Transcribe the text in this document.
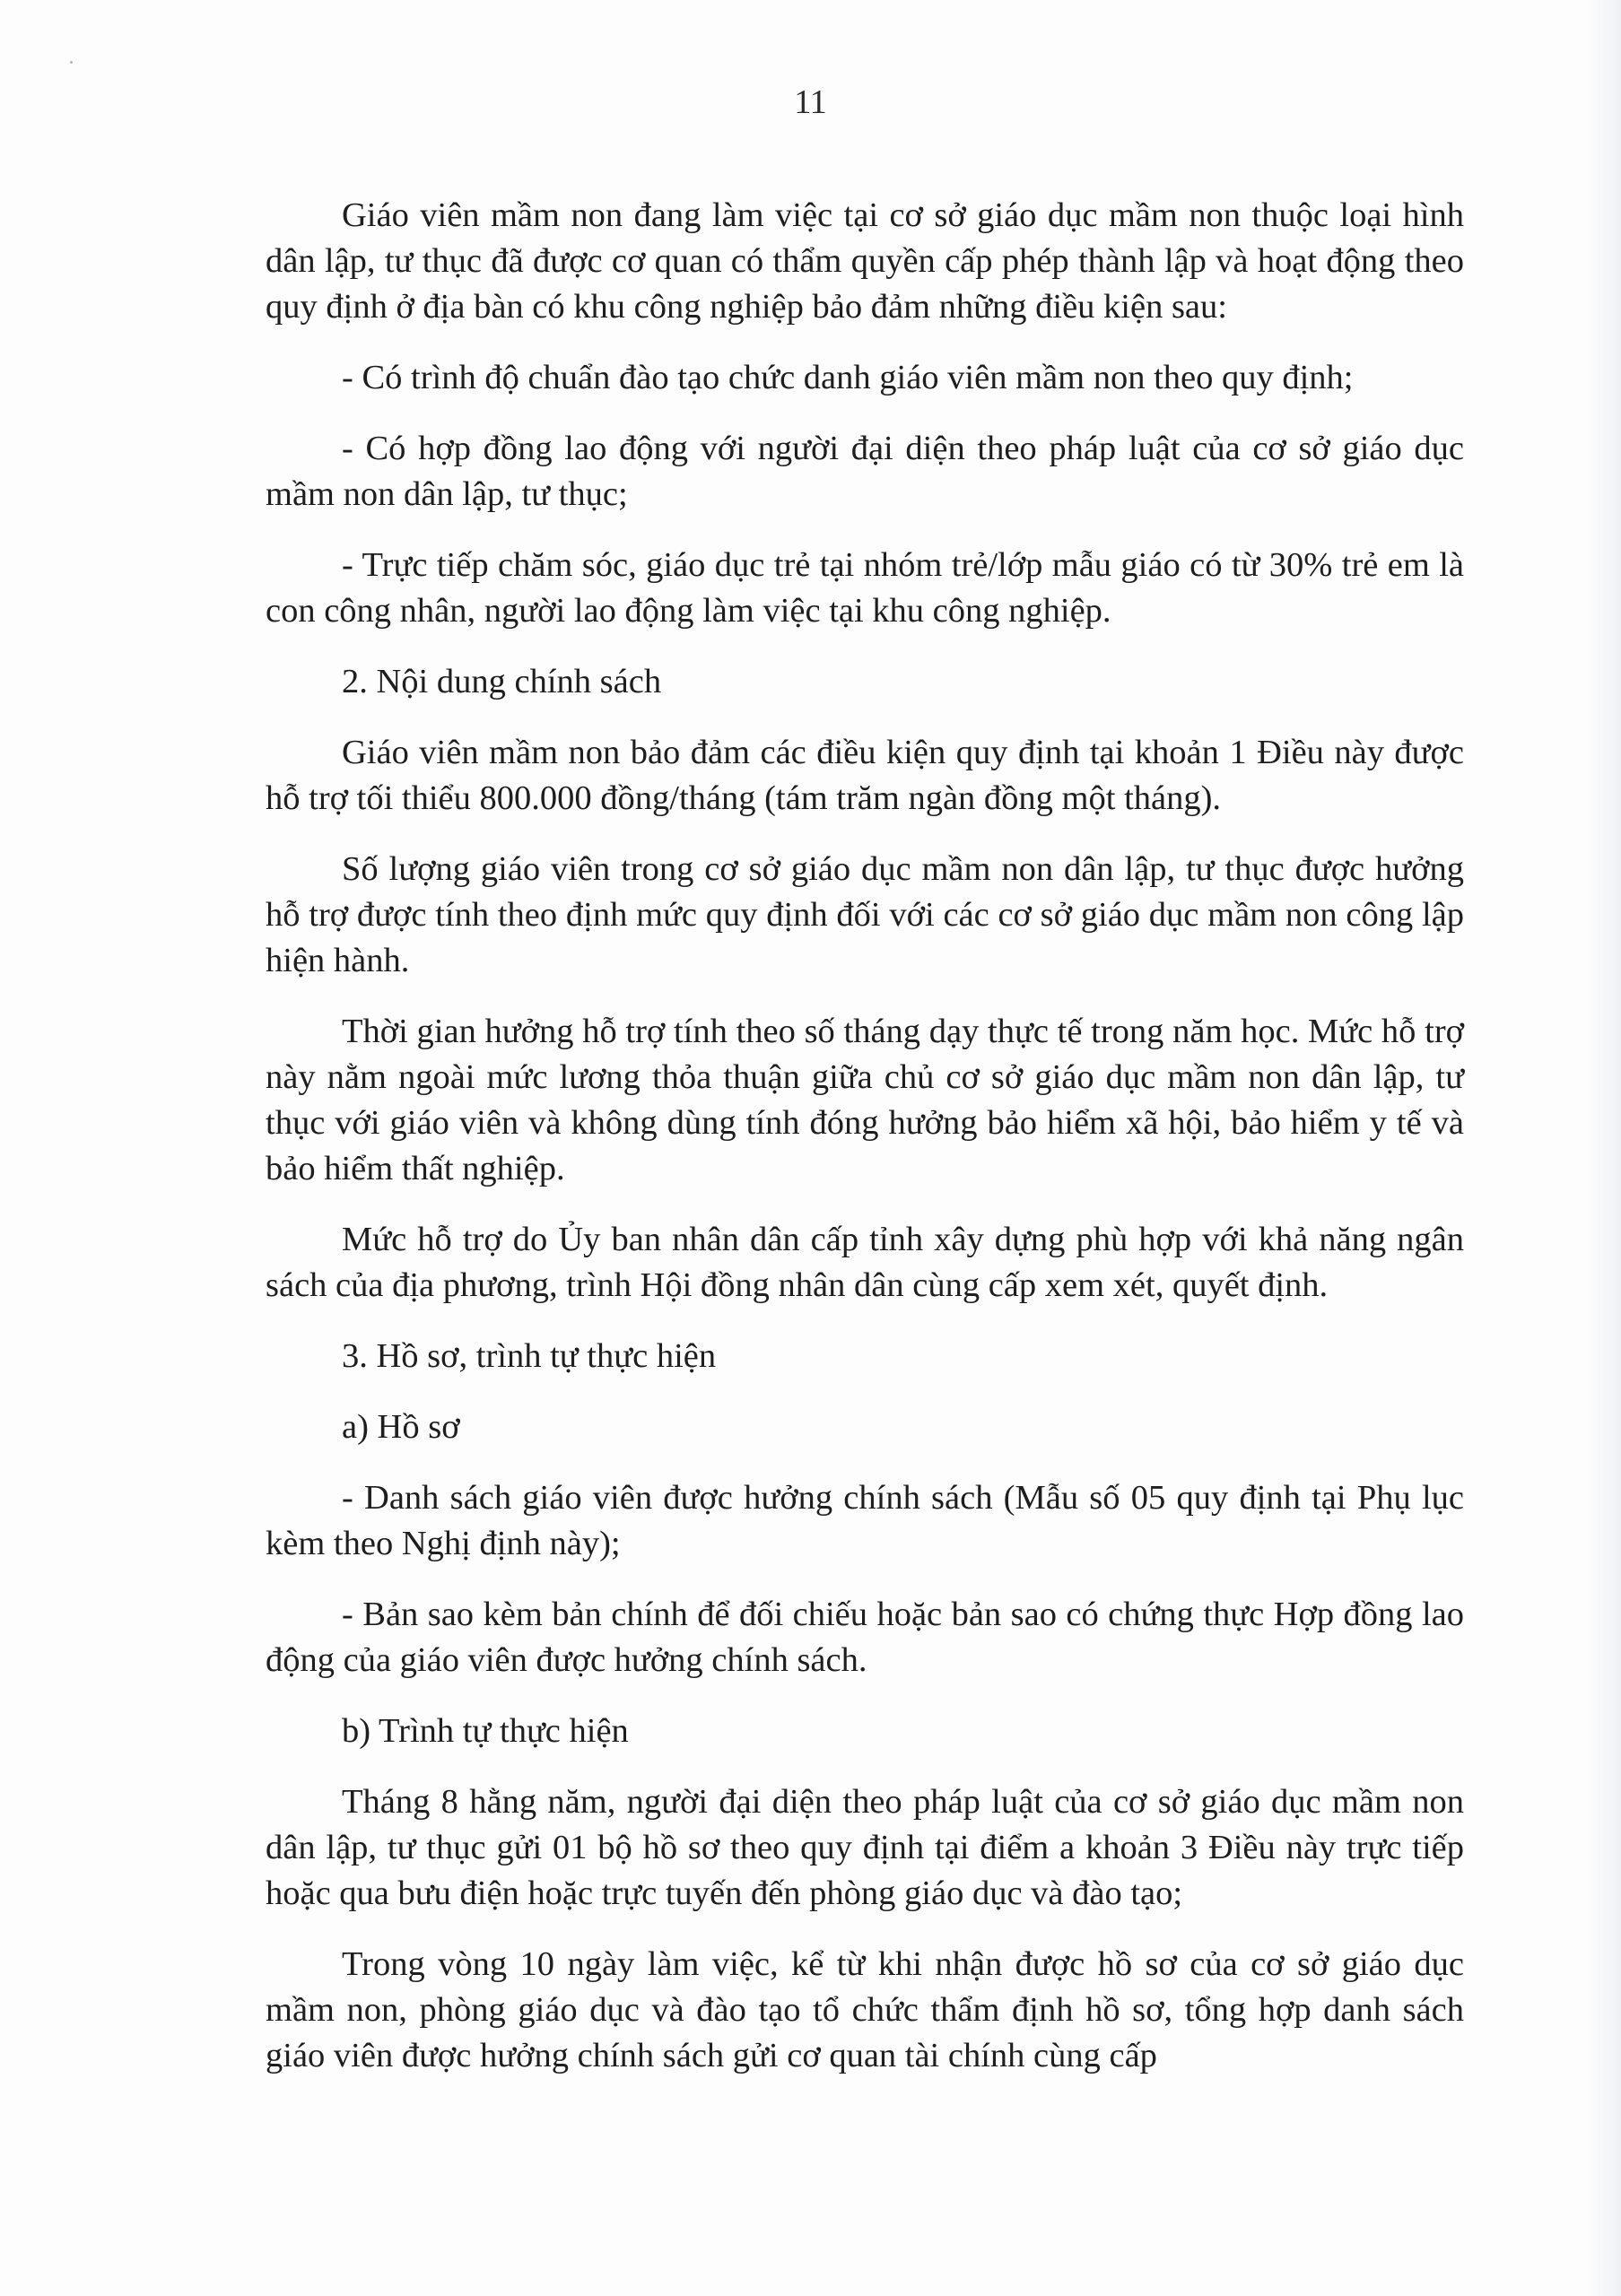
11

Giáo viên mầm non đang làm việc tại cơ sở giáo dục mầm non thuộc loại hình dân lập, tư thục đã được cơ quan có thẩm quyền cấp phép thành lập và hoạt động theo quy định ở địa bàn có khu công nghiệp bảo đảm những điều kiện sau:

- Có trình độ chuẩn đào tạo chức danh giáo viên mầm non theo quy định;

- Có hợp đồng lao động với người đại diện theo pháp luật của cơ sở giáo dục mầm non dân lập, tư thục;

- Trực tiếp chăm sóc, giáo dục trẻ tại nhóm trẻ/lớp mẫu giáo có từ 30% trẻ em là con công nhân, người lao động làm việc tại khu công nghiệp.

2. Nội dung chính sách

Giáo viên mầm non bảo đảm các điều kiện quy định tại khoản 1 Điều này được hỗ trợ tối thiểu 800.000 đồng/tháng (tám trăm ngàn đồng một tháng).

Số lượng giáo viên trong cơ sở giáo dục mầm non dân lập, tư thục được hưởng hỗ trợ được tính theo định mức quy định đối với các cơ sở giáo dục mầm non công lập hiện hành.

Thời gian hưởng hỗ trợ tính theo số tháng dạy thực tế trong năm học. Mức hỗ trợ này nằm ngoài mức lương thỏa thuận giữa chủ cơ sở giáo dục mầm non dân lập, tư thục với giáo viên và không dùng tính đóng hưởng bảo hiểm xã hội, bảo hiểm y tế và bảo hiểm thất nghiệp.

Mức hỗ trợ do Ủy ban nhân dân cấp tỉnh xây dựng phù hợp với khả năng ngân sách của địa phương, trình Hội đồng nhân dân cùng cấp xem xét, quyết định.

3. Hồ sơ, trình tự thực hiện

a) Hồ sơ

- Danh sách giáo viên được hưởng chính sách (Mẫu số 05 quy định tại Phụ lục kèm theo Nghị định này);

- Bản sao kèm bản chính để đối chiếu hoặc bản sao có chứng thực Hợp đồng lao động của giáo viên được hưởng chính sách.

b) Trình tự thực hiện

Tháng 8 hằng năm, người đại diện theo pháp luật của cơ sở giáo dục mầm non dân lập, tư thục gửi 01 bộ hồ sơ theo quy định tại điểm a khoản 3 Điều này trực tiếp hoặc qua bưu điện hoặc trực tuyến đến phòng giáo dục và đào tạo;

Trong vòng 10 ngày làm việc, kể từ khi nhận được hồ sơ của cơ sở giáo dục mầm non, phòng giáo dục và đào tạo tổ chức thẩm định hồ sơ, tổng hợp danh sách giáo viên được hưởng chính sách gửi cơ quan tài chính cùng cấp
